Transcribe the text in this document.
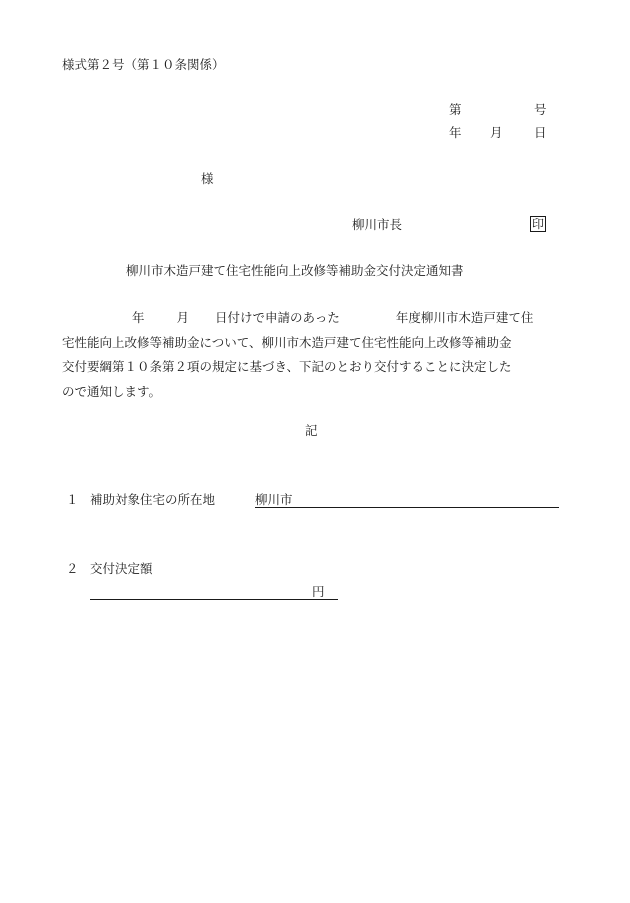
様式第２号（第１０条関係）
第	号
年 月	日
様
柳川市長	印
柳川市木造戸建て住宅性能向上改修等補助金交付決定通知書
年	月 日付けで申請のあった	年度柳川市木造戸建て住
宅性能向上改修等補助金について、柳川市木造戸建て住宅性能向上改修等補助金
交付要綱第１０条第２項の規定に基づき、下記のとおり交付することに決定した
ので通知します。
記
１ 補助対象住宅の所在地	柳川市
２ 交付決定額
円
